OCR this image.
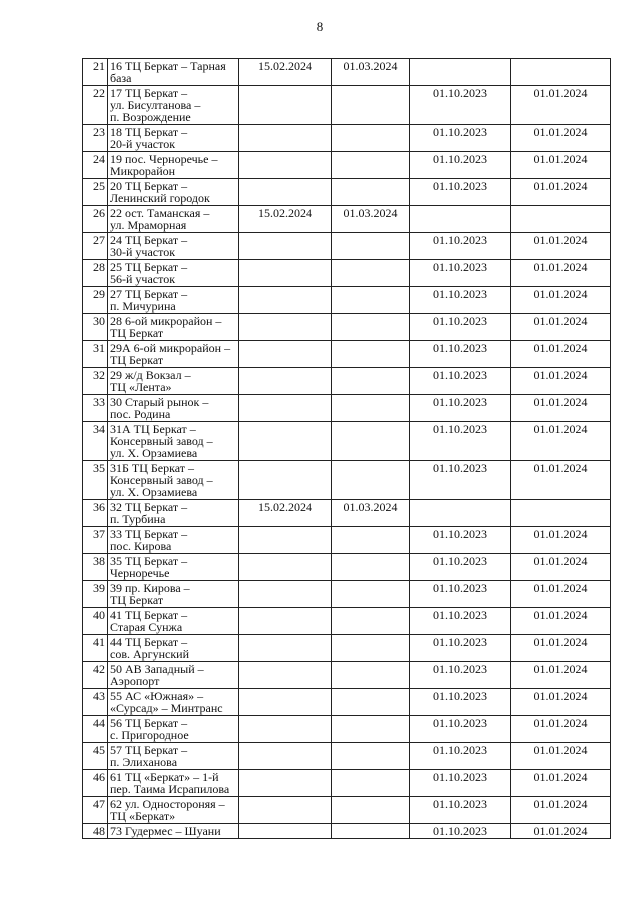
8
21	16 ТЦ Беркат – Тарная
база	15.02.2024	01.03.2024		
22	17 ТЦ Беркат –
ул. Бисултанова –
п. Возрождение			01.10.2023	01.01.2024
23	18 ТЦ Беркат –
20-й участок			01.10.2023	01.01.2024
24	19 пос. Черноречье –
Микрорайон			01.10.2023	01.01.2024
25	20 ТЦ Беркат –
Ленинский городок			01.10.2023	01.01.2024
26	22 ост. Таманская –
ул. Мраморная	15.02.2024	01.03.2024		
27	24 ТЦ Беркат –
30-й участок			01.10.2023	01.01.2024
28	25 ТЦ Беркат –
56-й участок			01.10.2023	01.01.2024
29	27 ТЦ Беркат –
п. Мичурина			01.10.2023	01.01.2024
30	28 6-ой микрорайон –
ТЦ Беркат			01.10.2023	01.01.2024
31	29А 6-ой микрорайон –
ТЦ Беркат			01.10.2023	01.01.2024
32	29 ж/д Вокзал –
ТЦ «Лента»			01.10.2023	01.01.2024
33	30 Старый рынок –
пос. Родина			01.10.2023	01.01.2024
34	31А ТЦ Беркат –
Консервный завод –
ул. Х. Орзамиева			01.10.2023	01.01.2024
35	31Б ТЦ Беркат –
Консервный завод –
ул. Х. Орзамиева			01.10.2023	01.01.2024
36	32 ТЦ Беркат –
п. Турбина	15.02.2024	01.03.2024		
37	33 ТЦ Беркат –
пос. Кирова			01.10.2023	01.01.2024
38	35 ТЦ Беркат –
Черноречье			01.10.2023	01.01.2024
39	39 пр. Кирова –
ТЦ Беркат			01.10.2023	01.01.2024
40	41 ТЦ Беркат –
Старая Сунжа			01.10.2023	01.01.2024
41	44 ТЦ Беркат –
сов. Аргунский			01.10.2023	01.01.2024
42	50 АВ Западный –
Аэропорт			01.10.2023	01.01.2024
43	55 АС «Южная» –
«Сурсад» – Минтранс			01.10.2023	01.01.2024
44	56 ТЦ Беркат –
с. Пригородное			01.10.2023	01.01.2024
45	57 ТЦ Беркат –
п. Элиханова			01.10.2023	01.01.2024
46	61 ТЦ «Беркат» – 1-й
пер. Таима Исрапилова			01.10.2023	01.01.2024
47	62 ул. Одностороняя –
ТЦ «Беркат»			01.10.2023	01.01.2024
48	73 Гудермес – Шуани			01.10.2023	01.01.2024
